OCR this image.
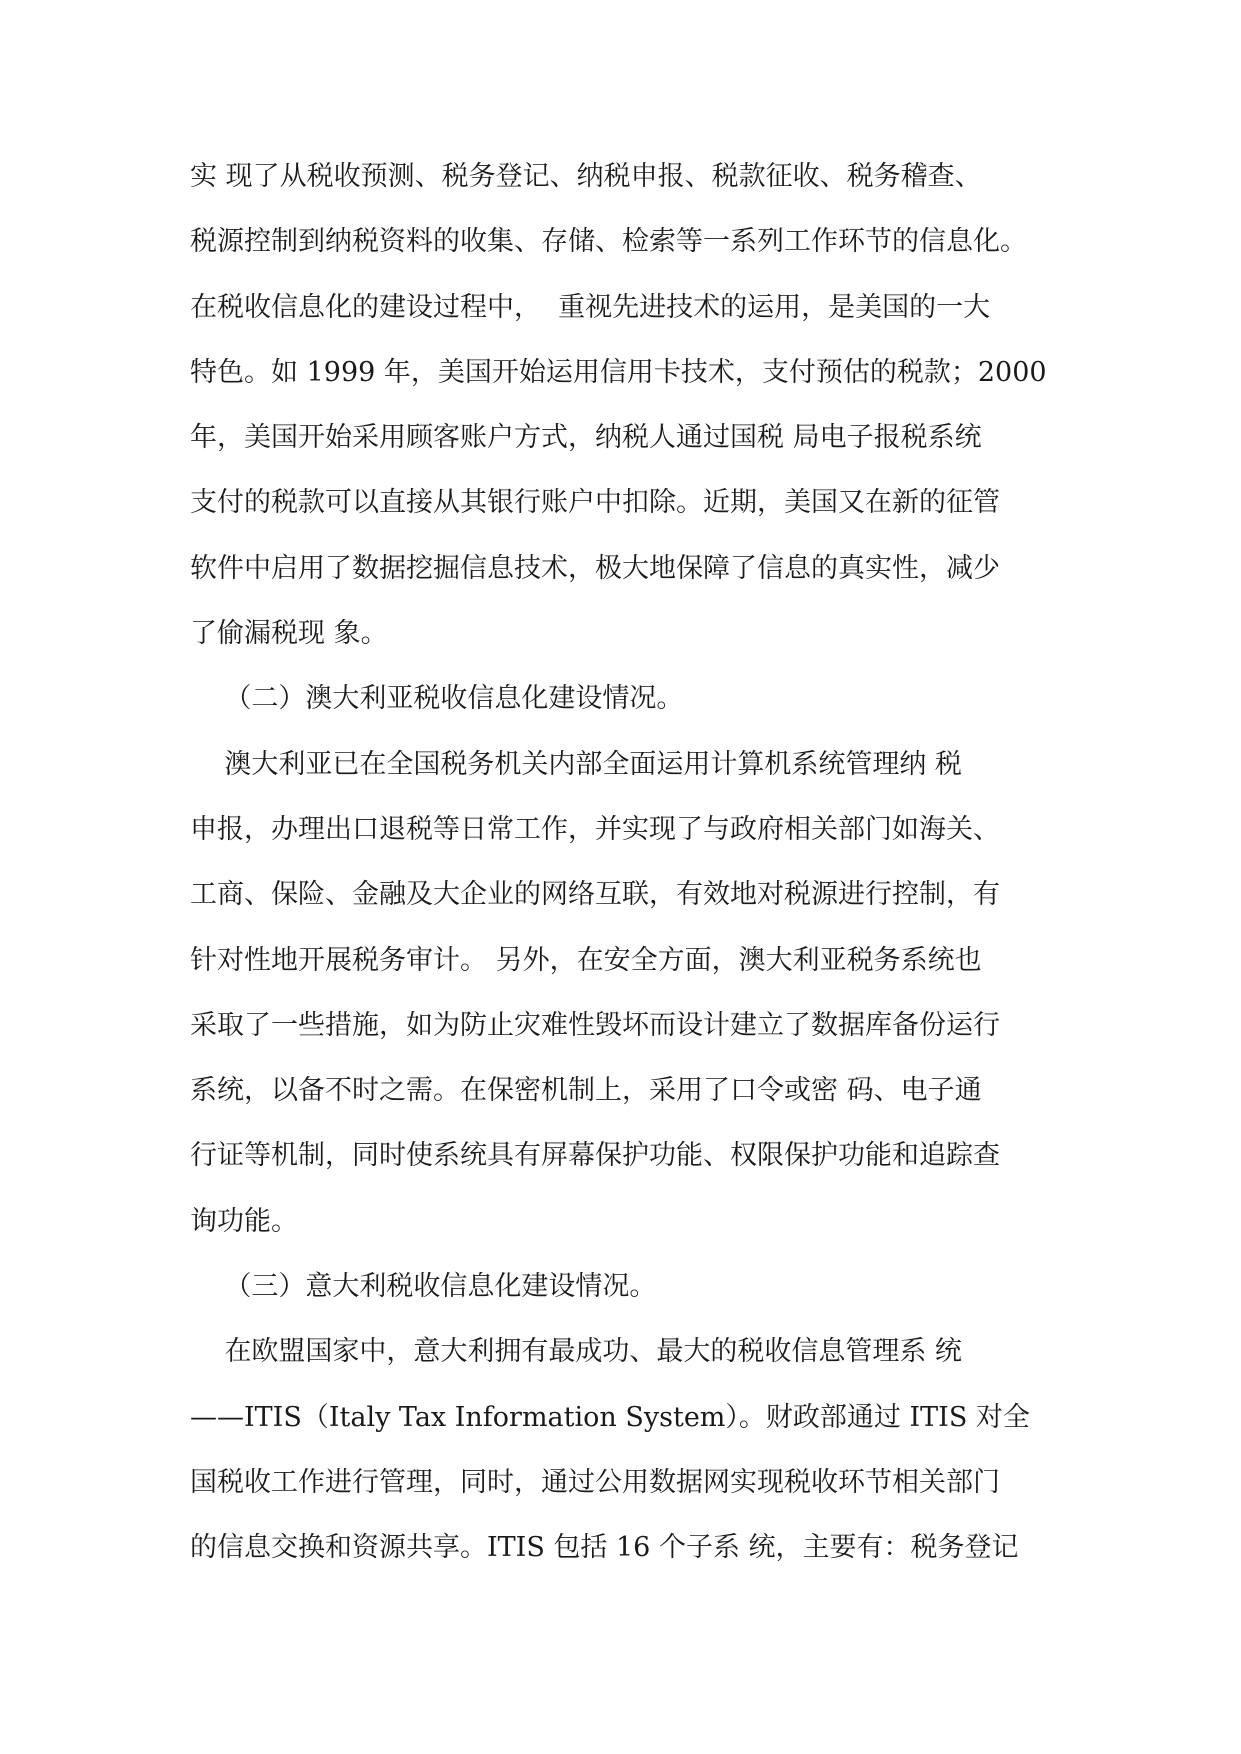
实 现了从税收预测、税务登记、纳税申报、税款征收、税务稽查、
税源控制到纳税资料的收集、存储、检索等一系列工作环节的信息化。
在税收信息化的建设过程中，  重视先进技术的运用，是美国的一大
特色。如 1999 年，美国开始运用信用卡技术，支付预估的税款；2000
年，美国开始采用顾客账户方式，纳税人通过国税 局电子报税系统
支付的税款可以直接从其银行账户中扣除。近期，美国又在新的征管
软件中启用了数据挖掘信息技术，极大地保障了信息的真实性，减少
了偷漏税现 象。
（二）澳大利亚税收信息化建设情况。
澳大利亚已在全国税务机关内部全面运用计算机系统管理纳 税
申报，办理出口退税等日常工作，并实现了与政府相关部门如海关、
工商、保险、金融及大企业的网络互联，有效地对税源进行控制，有
针对性地开展税务审计。 另外，在安全方面，澳大利亚税务系统也
采取了一些措施，如为防止灾难性毁坏而设计建立了数据库备份运行
系统，以备不时之需。在保密机制上，采用了口令或密 码、电子通
行证等机制，同时使系统具有屏幕保护功能、权限保护功能和追踪查
询功能。
（三）意大利税收信息化建设情况。
在欧盟国家中，意大利拥有最成功、最大的税收信息管理系 统
——ITIS（Italy Tax Information System）。财政部通过 ITIS 对全
国税收工作进行管理，同时，通过公用数据网实现税收环节相关部门
的信息交换和资源共享。ITIS 包括 16 个子系 统，主要有：税务登记
